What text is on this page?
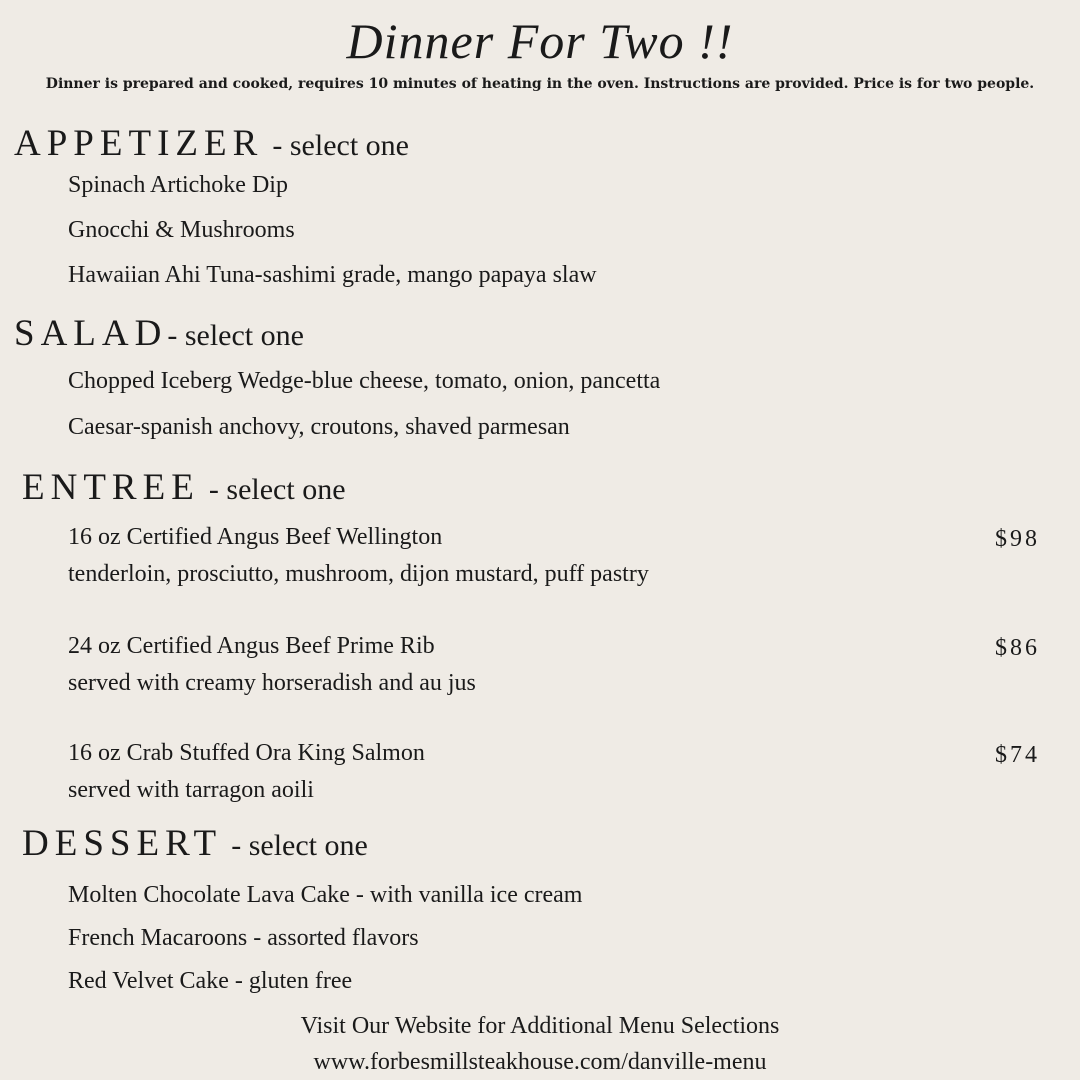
Dinner For Two !!
Dinner is prepared and cooked, requires 10 minutes of heating in the oven. Instructions are provided. Price is for two people.
APPETIZER - select one
Spinach Artichoke Dip
Gnocchi & Mushrooms
Hawaiian Ahi Tuna-sashimi grade, mango papaya slaw
SALAD- select one
Chopped Iceberg Wedge-blue cheese, tomato, onion, pancetta
Caesar-spanish anchovy, croutons, shaved parmesan
ENTREE - select one
16 oz Certified Angus Beef Wellington	$98
tenderloin, prosciutto, mushroom, dijon mustard, puff pastry
24 oz Certified Angus Beef Prime Rib	$86
served with creamy horseradish and au jus
16 oz Crab Stuffed Ora King Salmon	$74
served with tarragon aoili
DESSERT - select one
Molten Chocolate Lava Cake - with vanilla ice cream
French Macaroons - assorted flavors
Red Velvet Cake - gluten free
Visit Our Website for Additional Menu Selections
www.forbesmillsteakhouse.com/danville-menu
